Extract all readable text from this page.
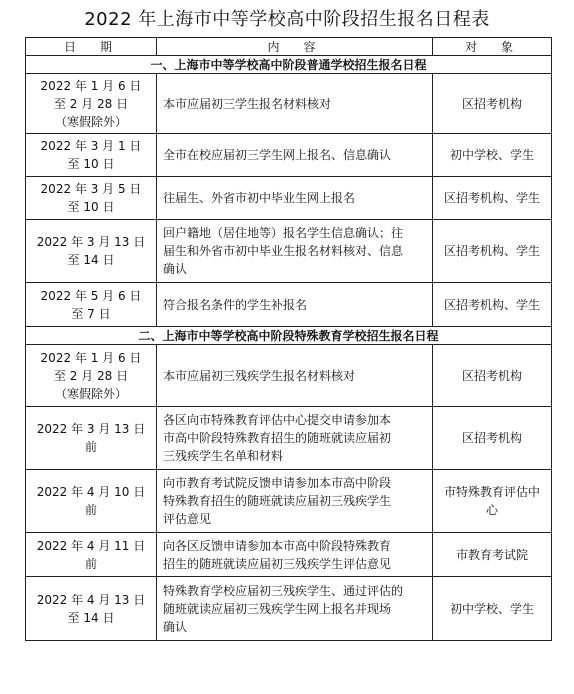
2022 年上海市中等学校高中阶段招生报名日程表
日　期	内　容	对　象
一、上海市中等学校高中阶段普通学校招生报名日程		

2022 年 1 月 6 日
至 2 月 28 日
（寒假除外）	本市应届初三学生报名材料核对	区招考机构

2022 年 3 月 1 日
至 10 日	全市在校应届初三学生网上报名、信息确认	初中学校、学生

2022 年 3 月 5 日
至 10 日	往届生、外省市初中毕业生网上报名	区招考机构、学生

2022 年 3 月 13 日
至 14 日	回户籍地（居住地等）报名学生信息确认；往
届生和外省市初中毕业生报名材料核对、信息
确认	区招考机构、学生

2022 年 5 月 6 日
至 7 日	符合报名条件的学生补报名	区招考机构、学生
二、上海市中等学校高中阶段特殊教育学校招生报名日程		

2022 年 1 月 6 日
至 2 月 28 日
（寒假除外）	本市应届初三残疾学生报名材料核对	区招考机构

2022 年 3 月 13 日前	各区向市特殊教育评估中心提交申请参加本
市高中阶段特殊教育招生的随班就读应届初
三残疾学生名单和材料	区招考机构

2022 年 4 月 10 日前	向市教育考试院反馈申请参加本市高中阶段
特殊教育招生的随班就读应届初三残疾学生
评估意见	市特殊教育评估中心

2022 年 4 月 11 日前	向各区反馈申请参加本市高中阶段特殊教育
招生的随班就读应届初三残疾学生评估意见	市教育考试院

2022 年 4 月 13 日
至 14 日	特殊教育学校应届初三残疾学生、通过评估的
随班就读应届初三残疾学生网上报名并现场
确认	初中学校、学生
